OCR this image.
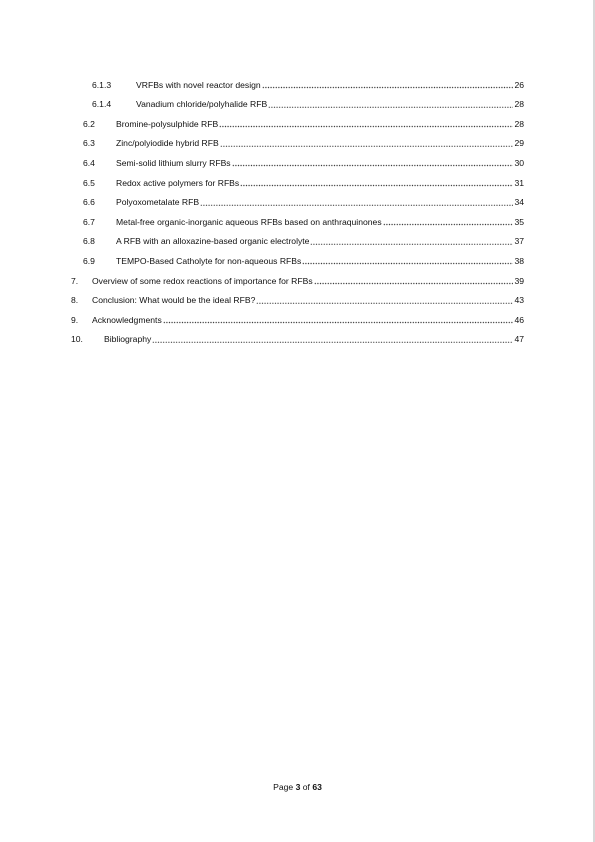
6.1.3	VRFBs with novel reactor design	26
6.1.4	Vanadium chloride/polyhalide RFB	28
6.2	Bromine-polysulphide RFB	28
6.3	Zinc/polyiodide hybrid RFB	29
6.4	Semi-solid lithium slurry RFBs	30
6.5	Redox active polymers for RFBs	31
6.6	Polyoxometalate RFB	34
6.7	Metal-free organic-inorganic aqueous RFBs based on anthraquinones	35
6.8	A RFB with an alloxazine-based organic electrolyte	37
6.9	TEMPO-Based Catholyte for non-aqueous RFBs	38
7.	Overview of some redox reactions of importance for RFBs	39
8.	Conclusion: What would be the ideal RFB?	43
9.	Acknowledgments	46
10.	Bibliography	47
Page 3 of 63
